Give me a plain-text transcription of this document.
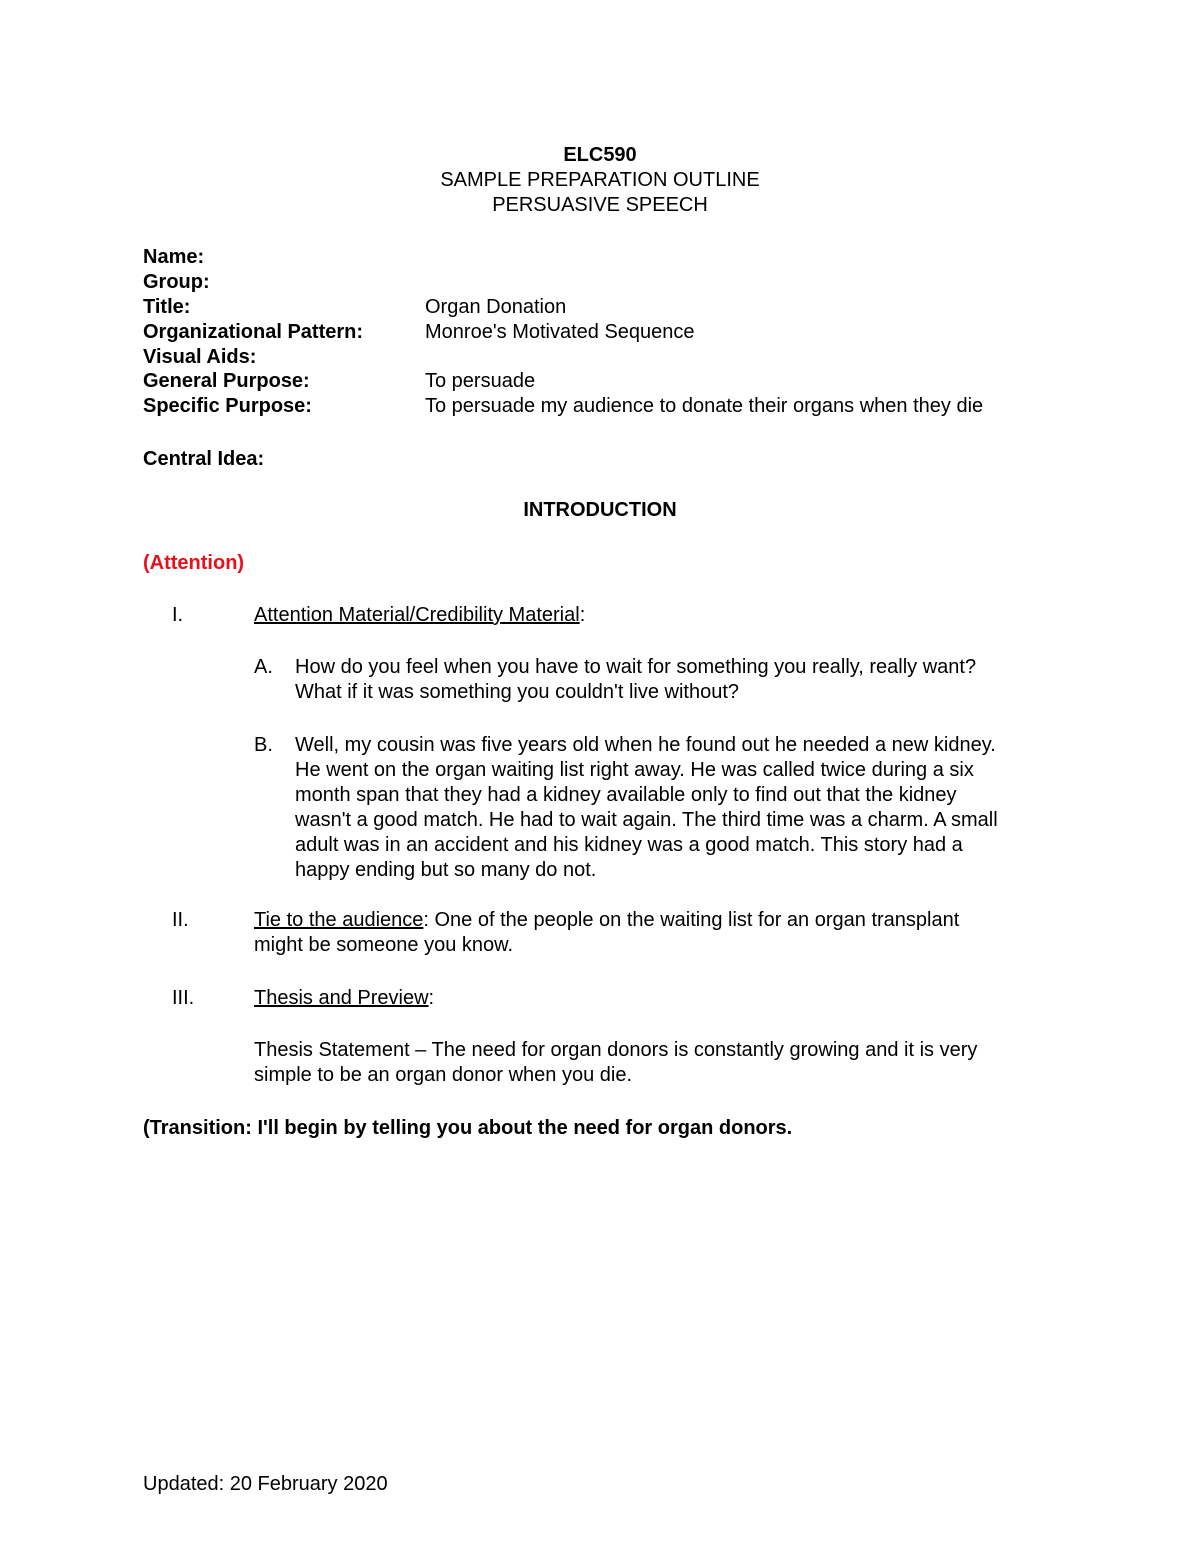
ELC590
SAMPLE PREPARATION OUTLINE
PERSUASIVE SPEECH
Name:
Group:
Title:	Organ Donation
Organizational Pattern:	Monroe's Motivated Sequence
Visual Aids:
General Purpose:	To persuade
Specific Purpose:	To persuade my audience to donate their organs when they die
Central Idea:
INTRODUCTION
(Attention)
I.	Attention Material/Credibility Material:
A. How do you feel when you have to wait for something you really, really want?
What if it was something you couldn't live without?
B. Well, my cousin was five years old when he found out he needed a new kidney.
He went on the organ waiting list right away. He was called twice during a six
month span that they had a kidney available only to find out that the kidney
wasn't a good match. He had to wait again. The third time was a charm. A small
adult was in an accident and his kidney was a good match. This story had a
happy ending but so many do not.
II.	Tie to the audience: One of the people on the waiting list for an organ transplant
might be someone you know.
III.	Thesis and Preview:
Thesis Statement – The need for organ donors is constantly growing and it is very
simple to be an organ donor when you die.
(Transition: I'll begin by telling you about the need for organ donors.
Updated: 20 February 2020
